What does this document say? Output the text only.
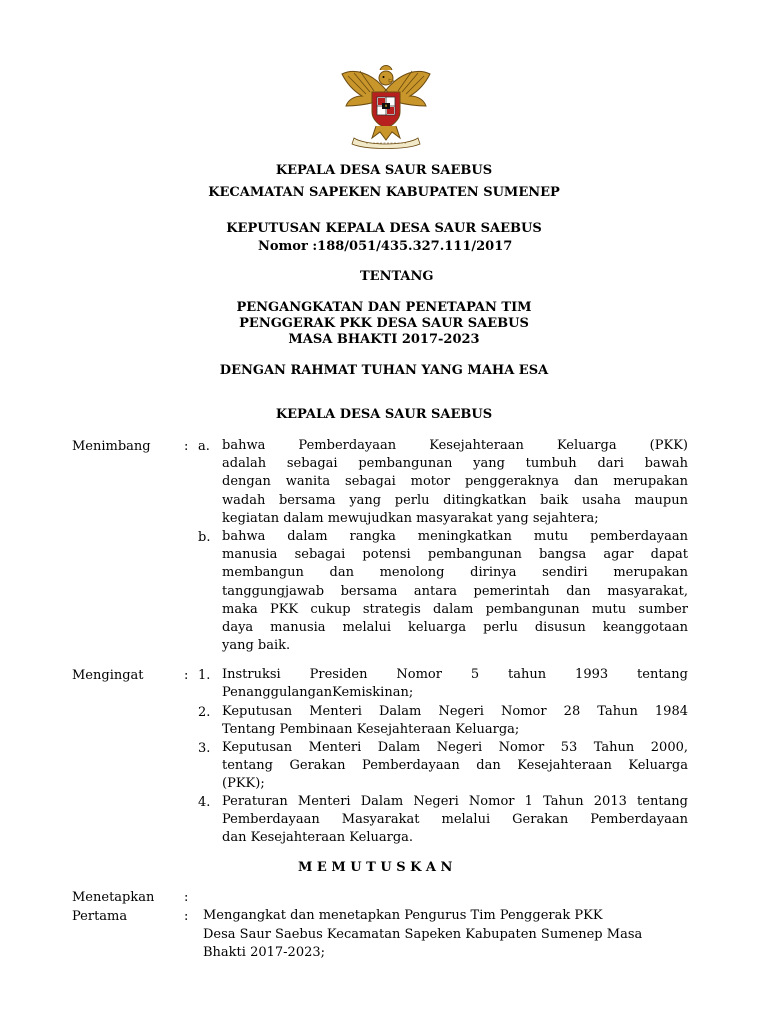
KEPALA DESA SAUR SAEBUS
KECAMATAN SAPEKEN KABUPATEN SUMENEP
KEPUTUSAN KEPALA DESA SAUR SAEBUS
Nomor :188/051/435.327.111/2017
TENTANG
PENGANGKATAN DAN PENETAPAN TIM
PENGGERAK PKK DESA SAUR SAEBUS
MASA BHAKTI 2017-2023
DENGAN RAHMAT TUHAN YANG MAHA ESA
KEPALA DESA SAUR SAEBUS
Menimbang	: a. bahwa Pemberdayaan Kesejahteraan Keluarga (PKK)
adalah sebagai pembangunan yang tumbuh dari bawah
dengan wanita sebagai motor penggeraknya dan merupakan
wadah bersama yang perlu ditingkatkan baik usaha maupun
kegiatan dalam mewujudkan masyarakat yang sejahtera;
b. bahwa dalam rangka meningkatkan mutu pemberdayaan
manusia sebagai potensi pembangunan bangsa agar dapat
membangun dan menolong dirinya sendiri merupakan
tanggungjawab bersama antara pemerintah dan masyarakat,
maka PKK cukup strategis dalam pembangunan mutu sumber
daya manusia melalui keluarga perlu disusun keanggotaan
yang baik.
Mengingat	: 1. Instruksi Presiden Nomor 5 tahun 1993 tentang
PenanggulanganKemiskinan;
2. Keputusan Menteri Dalam Negeri Nomor 28 Tahun 1984
Tentang Pembinaan Kesejahteraan Keluarga;
3. Keputusan Menteri Dalam Negeri Nomor 53 Tahun 2000,
tentang Gerakan Pemberdayaan dan Kesejahteraan Keluarga
(PKK);
4. Peraturan Menteri Dalam Negeri Nomor 1 Tahun 2013 tentang
Pemberdayaan Masyarakat melalui Gerakan Pemberdayaan
dan Kesejahteraan Keluarga.
M E M U T U S K A N
Menetapkan :
Pertama	: Mengangkat dan menetapkan Pengurus Tim Penggerak PKK
Desa Saur Saebus Kecamatan Sapeken Kabupaten Sumenep Masa
Bhakti 2017-2023;
